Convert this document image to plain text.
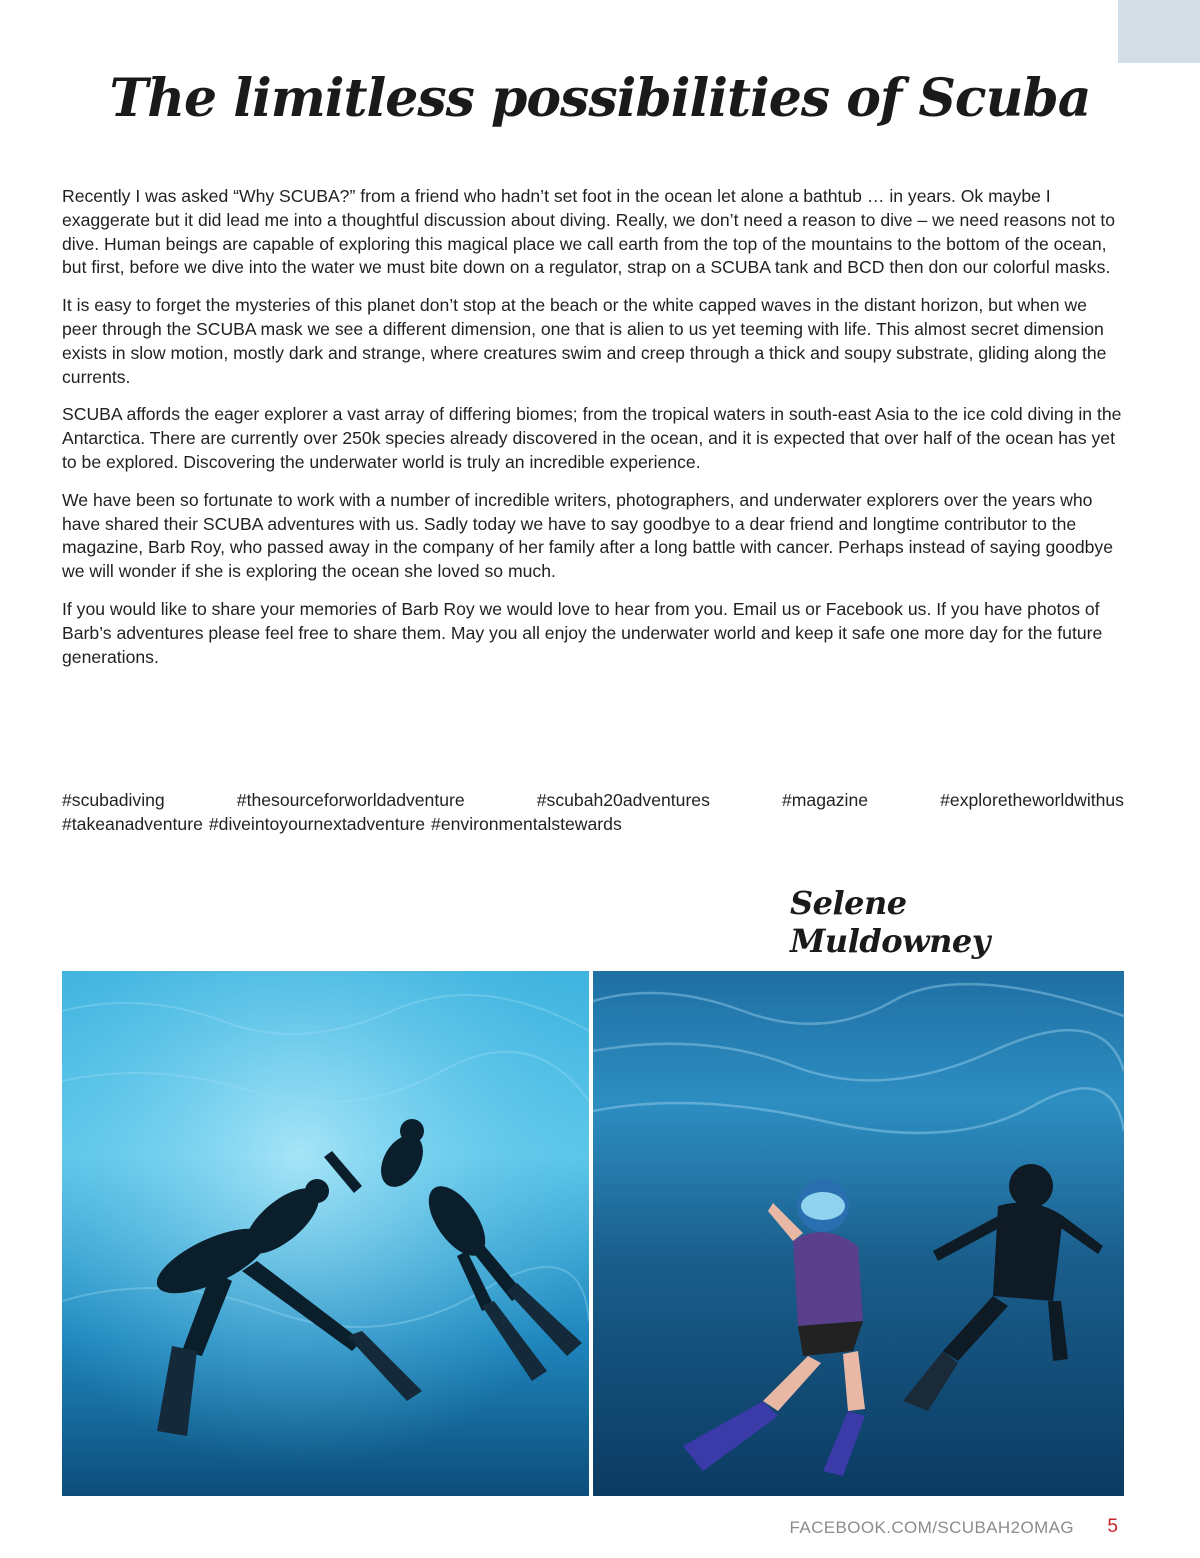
The limitless possibilities of Scuba

Recently I was asked “Why SCUBA?” from a friend who hadn’t set foot in the ocean let alone a bathtub … in years. Ok maybe I exaggerate but it did lead me into a thoughtful discussion about diving. Really, we don’t need a reason to dive – we need reasons not to dive. Human beings are capable of exploring this magical place we call earth from the top of the mountains to the bottom of the ocean, but first, before we dive into the water we must bite down on a regulator, strap on a SCUBA tank and BCD then don our colorful masks.

It is easy to forget the mysteries of this planet don’t stop at the beach or the white capped waves in the distant horizon, but when we peer through the SCUBA mask we see a different dimension, one that is alien to us yet teeming with life. This almost secret dimension exists in slow motion, mostly dark and strange, where creatures swim and creep through a thick and soupy substrate, gliding along the currents.

SCUBA affords the eager explorer a vast array of differing biomes; from the tropical waters in south-east Asia to the ice cold diving in the Antarctica. There are currently over 250k species already discovered in the ocean, and it is expected that over half of the ocean has yet to be explored. Discovering the underwater world is truly an incredible experience.

We have been so fortunate to work with a number of incredible writers, photographers, and underwater explorers over the years who have shared their SCUBA adventures with us. Sadly today we have to say goodbye to a dear friend and longtime contributor to the magazine, Barb Roy, who passed away in the company of her family after a long battle with cancer. Perhaps instead of saying goodbye we will wonder if she is exploring the ocean she loved so much.

If you would like to share your memories of Barb Roy we would love to hear from you. Email us or Facebook us. If you have photos of Barb’s adventures please feel free to share them. May you all enjoy the underwater world and keep it safe one more day for the future generations.

#scubadiving	#thesourceforworldadventure	#scubah20adventures	#magazine	#exploretheworldwithus
#takeanadventure #diveintoyournextadventure #environmentalstewards
Selene Muldowney
FACEBOOK.COM/SCUBAH2OMAG 5
